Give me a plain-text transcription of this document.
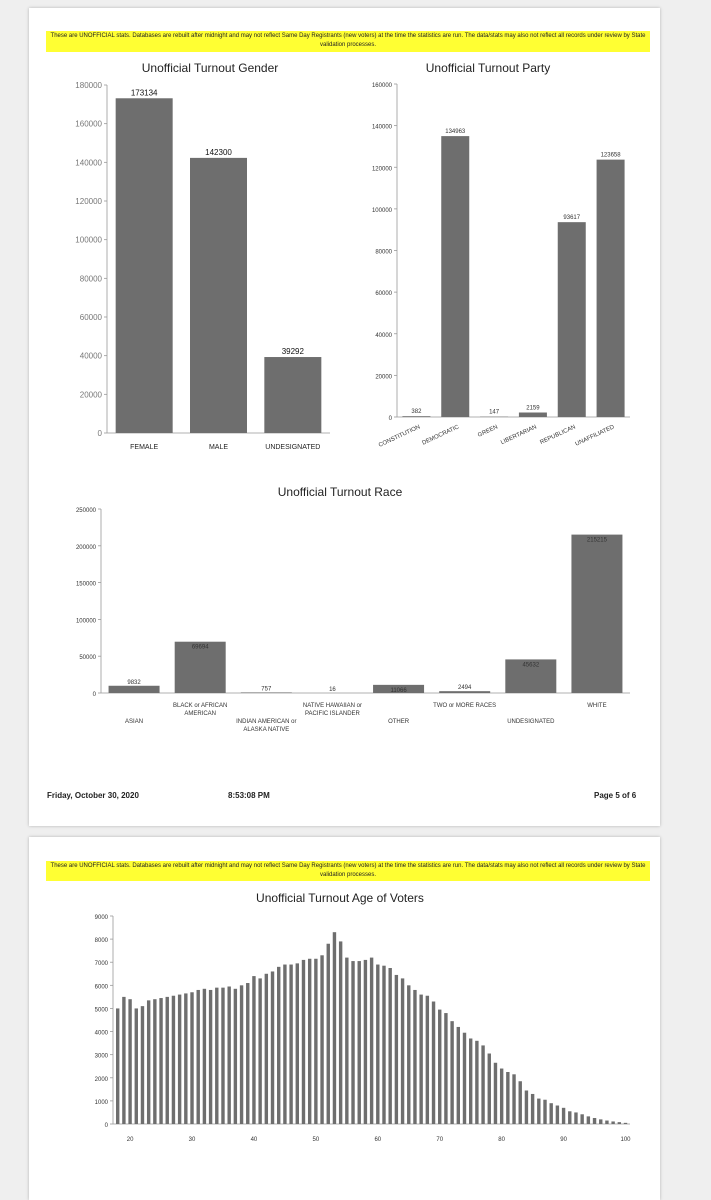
These are UNOFFICIAL stats. Databases are rebuilt after midnight and may not reflect Same Day Registrants (new voters) at the time the statistics are run. The data/stats may also not reflect all records under review by State validation processes.
Friday, October 30, 2020	8:53:08 PM	Page 5 of 6
These are UNOFFICIAL stats. Databases are rebuilt after midnight and may not reflect Same Day Registrants (new voters) at the time the statistics are run. The data/stats may also not reflect all records under review by State validation processes.
Unofficial Turnout Gender
0
20000
40000
60000
80000
100000
120000
140000
160000
180000
173134
FEMALE
142300
MALE
39292
UNDESIGNATED
Unofficial Turnout Party
0
20000
40000
60000
80000
100000
120000
140000
160000
382
CONSTITUTION
134963
DEMOCRATIC
147
GREEN
2159
LIBERTARIAN
93617
REPUBLICAN
123658
UNAFFILIATED
Unofficial Turnout Race
0
50000
100000
150000
200000
250000
9832
ASIAN
69694
BLACK or AFRICAN
AMERICAN
757
INDIAN AMERICAN or
ALASKA NATIVE
16
NATIVE HAWAIIAN or
PACIFIC ISLANDER
11066
OTHER
2494
TWO or MORE RACES
45632
UNDESIGNATED
215215
WHITE
Unofficial Turnout Age of Voters
0
1000
2000
3000
4000
5000
6000
7000
8000
9000
20	30	40	50	60	70	80	90	100
